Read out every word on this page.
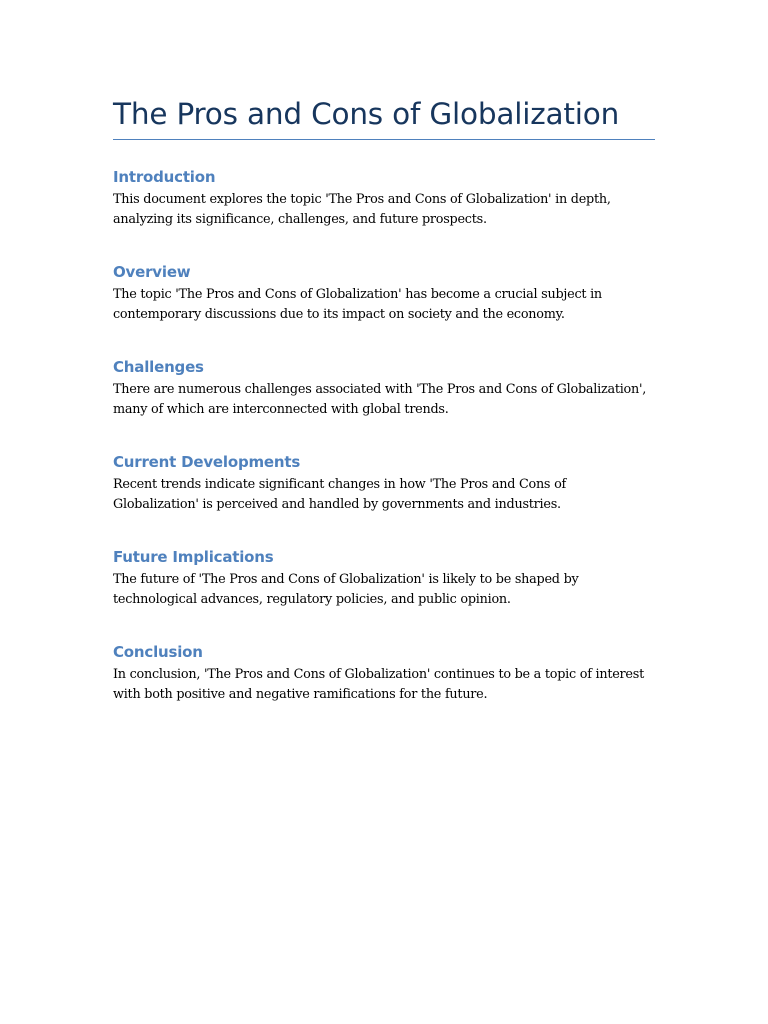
The Pros and Cons of Globalization
Introduction

This document explores the topic 'The Pros and Cons of Globalization' in depth, analyzing its significance, challenges, and future prospects.

Overview

The topic 'The Pros and Cons of Globalization' has become a crucial subject in contemporary discussions due to its impact on society and the economy.

Challenges

There are numerous challenges associated with 'The Pros and Cons of Globalization', many of which are interconnected with global trends.

Current Developments

Recent trends indicate significant changes in how 'The Pros and Cons of Globalization' is perceived and handled by governments and industries.

Future Implications

The future of 'The Pros and Cons of Globalization' is likely to be shaped by technological advances, regulatory policies, and public opinion.

Conclusion

In conclusion, 'The Pros and Cons of Globalization' continues to be a topic of interest with both positive and negative ramifications for the future.
